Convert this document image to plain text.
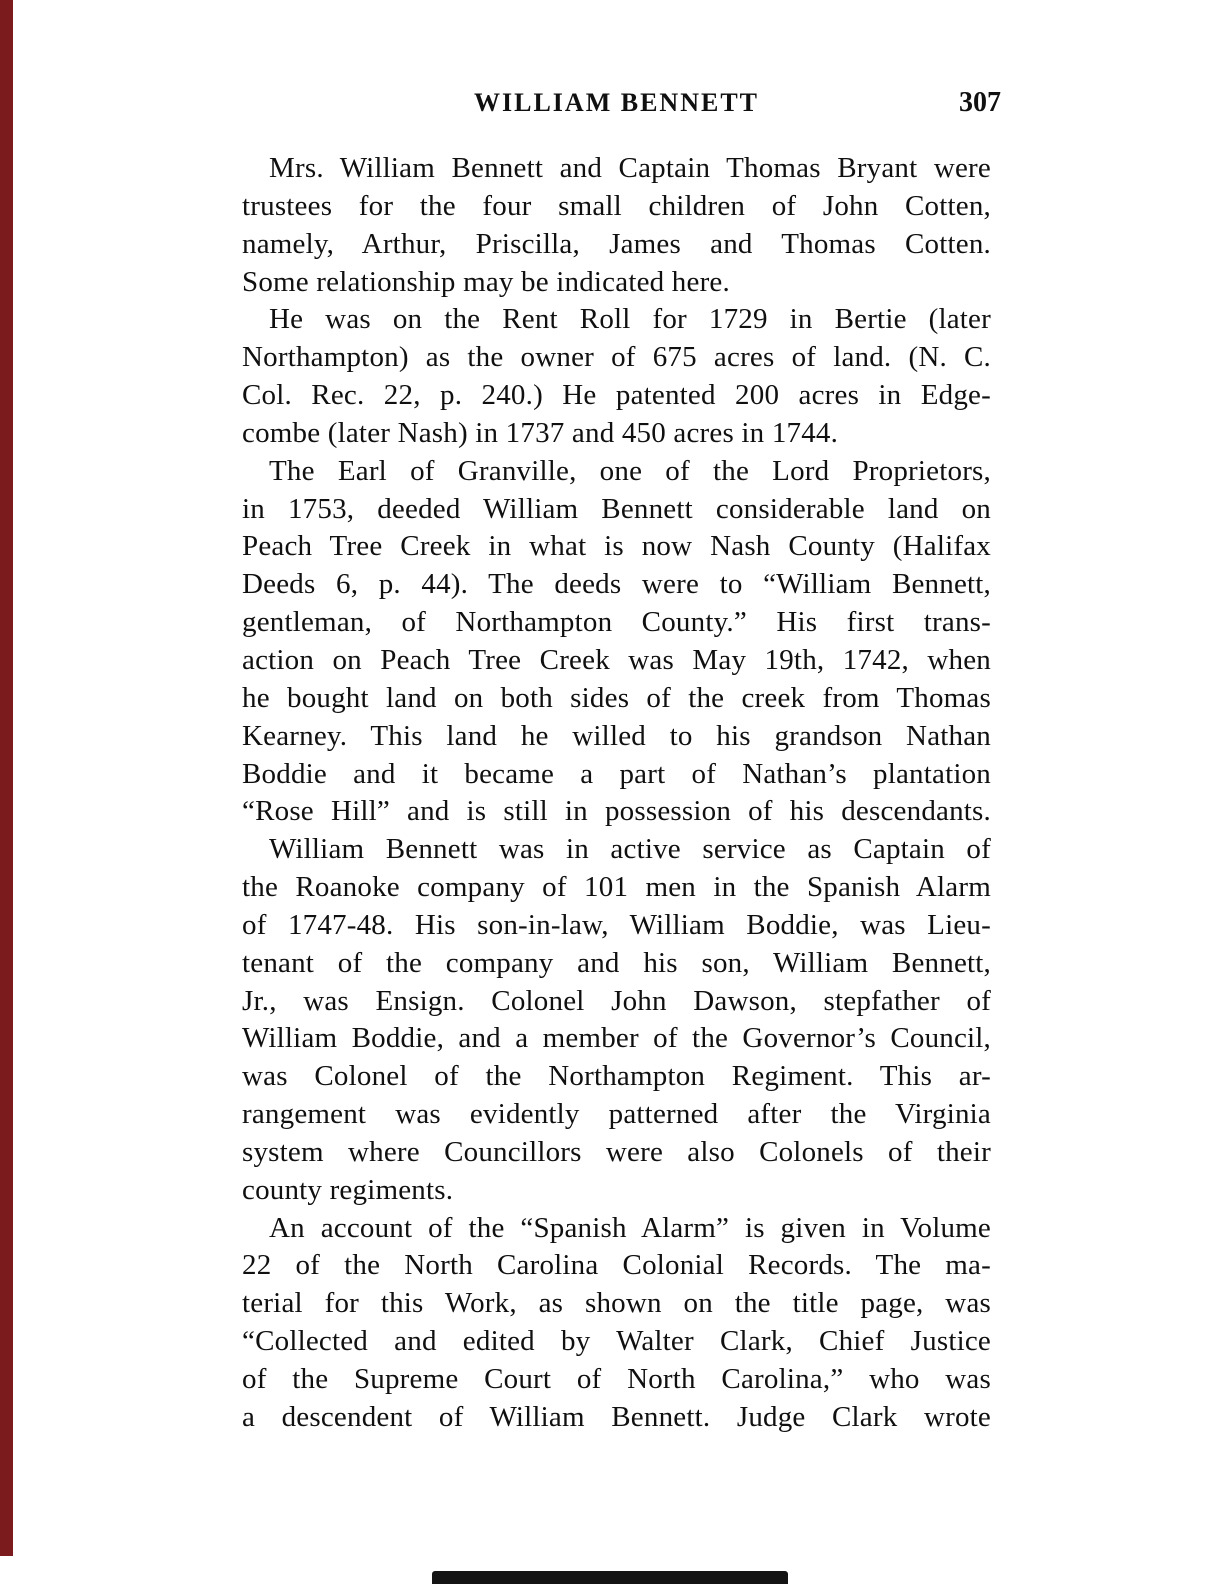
WILLIAM BENNETT	307
Mrs. William Bennett and Captain Thomas Bryant were
trustees for the four small children of John Cotten,
namely, Arthur, Priscilla, James and Thomas Cotten.
Some relationship may be indicated here.
He was on the Rent Roll for 1729 in Bertie (later
Northampton) as the owner of 675 acres of land. (N. C.
Col. Rec. 22, p. 240.) He patented 200 acres in Edge-
combe (later Nash) in 1737 and 450 acres in 1744.
The Earl of Granville, one of the Lord Proprietors,
in 1753, deeded William Bennett considerable land on
Peach Tree Creek in what is now Nash County (Halifax
Deeds 6, p. 44). The deeds were to “William Bennett,
gentleman, of Northampton County.” His first trans-
action on Peach Tree Creek was May 19th, 1742, when
he bought land on both sides of the creek from Thomas
Kearney. This land he willed to his grandson Nathan
Boddie and it became a part of Nathan’s plantation
“Rose Hill” and is still in possession of his descendants.
William Bennett was in active service as Captain of
the Roanoke company of 101 men in the Spanish Alarm
of 1747-48. His son-in-law, William Boddie, was Lieu-
tenant of the company and his son, William Bennett,
Jr., was Ensign. Colonel John Dawson, stepfather of
William Boddie, and a member of the Governor’s Council,
was Colonel of the Northampton Regiment. This ar-
rangement was evidently patterned after the Virginia
system where Councillors were also Colonels of their
county regiments.
An account of the “Spanish Alarm” is given in Volume
22 of the North Carolina Colonial Records. The ma-
terial for this Work, as shown on the title page, was
“Collected and edited by Walter Clark, Chief Justice
of the Supreme Court of North Carolina,” who was
a descendent of William Bennett. Judge Clark wrote
